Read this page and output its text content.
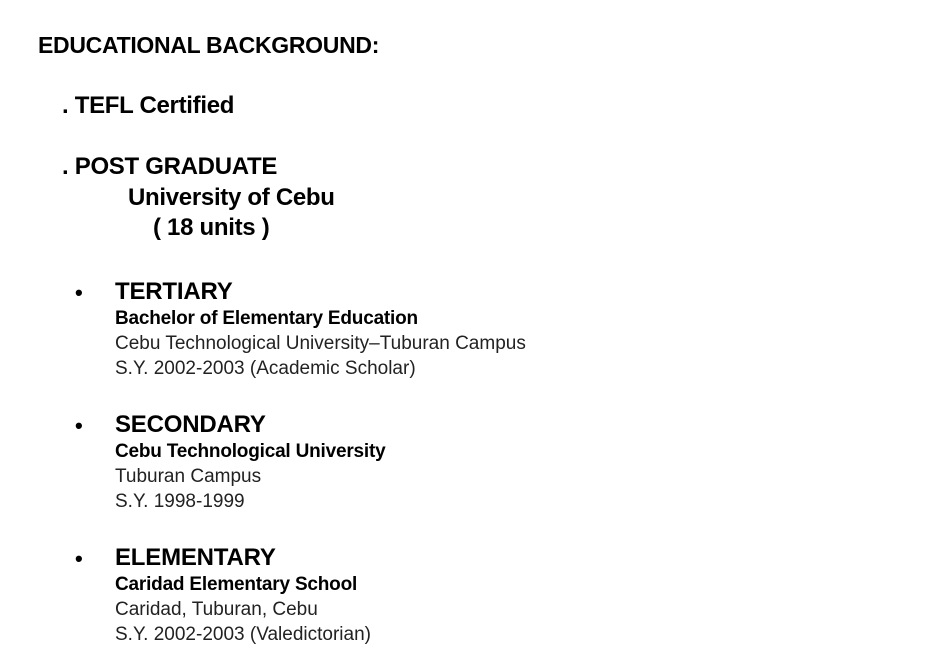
EDUCATIONAL BACKGROUND:
. TEFL Certified
. POST GRADUATE
University of Cebu
( 18 units )
• TERTIARY
Bachelor of Elementary Education
Cebu Technological University–Tuburan Campus
S.Y. 2002-2003 (Academic Scholar)
• SECONDARY
Cebu Technological University
Tuburan Campus
S.Y. 1998-1999
• ELEMENTARY
Caridad Elementary School
Caridad, Tuburan, Cebu
S.Y. 2002-2003 (Valedictorian)
